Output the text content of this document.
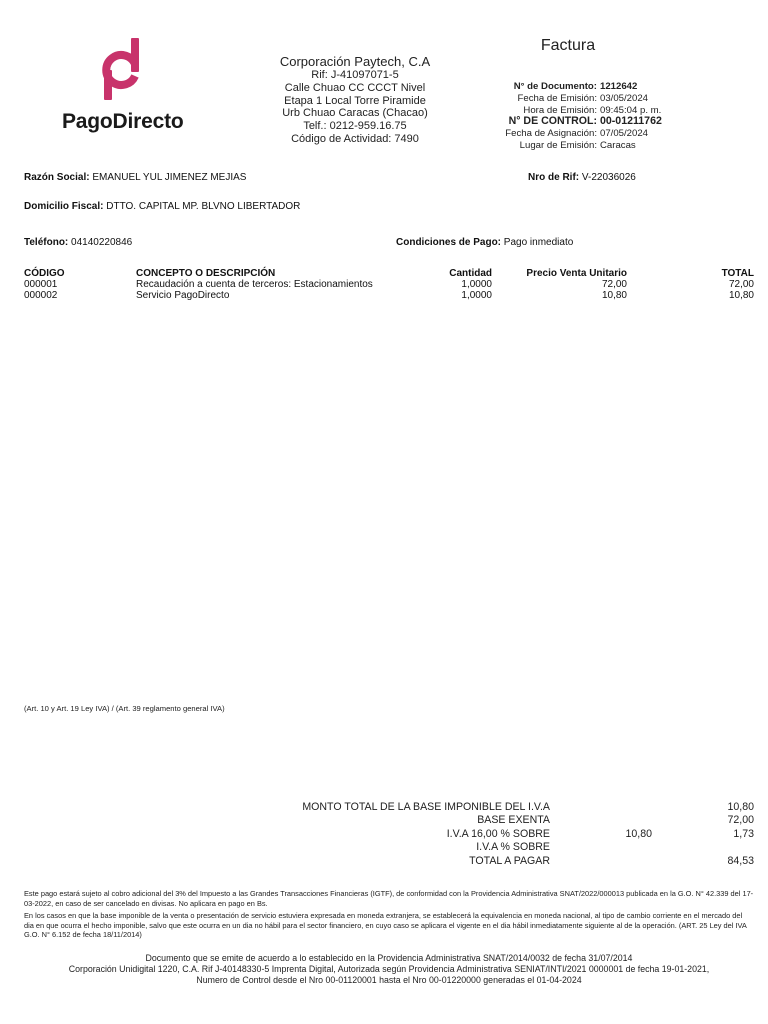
PagoDirecto
Corporación Paytech, C.A
Rif: J-41097071-5
Calle Chuao CC CCCT Nivel
Etapa 1 Local Torre Piramide
Urb Chuao Caracas (Chacao)
Telf.: 0212-959.16.75
Código de Actividad: 7490
Factura
N° de Documento: 1212642
Fecha de Emisión: 03/05/2024
Hora de Emisión: 09:45:04 p. m.
N° DE CONTROL: 00-01211762
Fecha de Asignación: 07/05/2024
Lugar de Emisión: Caracas
Razón Social: EMANUEL YUL JIMENEZ MEJIAS	Nro de Rif: V-22036026
Domicilio Fiscal: DTTO. CAPITAL MP. BLVNO LIBERTADOR
Teléfono: 04140220846	Condiciones de Pago: Pago inmediato
CÓDIGO	CONCEPTO O DESCRIPCIÓN	Cantidad	Precio Venta Unitario	TOTAL
000001	Recaudación a cuenta de terceros: Estacionamientos	1,0000	72,00	72,00
000002	Servicio PagoDirecto	1,0000	10,80	10,80
(Art. 10 y Art. 19 Ley IVA) / (Art. 39 reglamento general IVA)
MONTO TOTAL DE LA BASE IMPONIBLE DEL I.V.A	10,80
BASE EXENTA	72,00
I.V.A 16,00 % SOBRE	10,80	1,73
I.V.A % SOBRE
TOTAL A PAGAR	84,53
Este pago estará sujeto al cobro adicional del 3% del Impuesto a las Grandes Transacciones Financieras (IGTF), de conformidad con la Providencia Administrativa SNAT/2022/000013 publicada en la G.O. N° 42.339 del 17-03-2022, en caso de ser cancelado en divisas. No aplicara en pago en Bs.
En los casos en que la base imponible de la venta o presentación de servicio estuviera expresada en moneda extranjera, se establecerá la equivalencia en moneda nacional, al tipo de cambio corriente en el mercado del dia en que ocurra el hecho imponible, salvo que este ocurra en un dia no hábil para el sector financiero, en cuyo caso se aplicara el vigente en el dia hábil inmediatamente siguiente al de la operación. (ART. 25 Ley del IVA G.O. N° 6.152 de fecha 18/11/2014)
Documento que se emite de acuerdo a lo establecido en la Providencia Administrativa SNAT/2014/0032 de fecha 31/07/2014
Corporación Unidigital 1220, C.A. Rif J-40148330-5 Imprenta Digital, Autorizada según Providencia Administrativa SENIAT/INTI/2021 0000001 de fecha 19-01-2021,
Numero de Control desde el Nro 00-01120001 hasta el Nro 00-01220000 generadas el 01-04-2024
